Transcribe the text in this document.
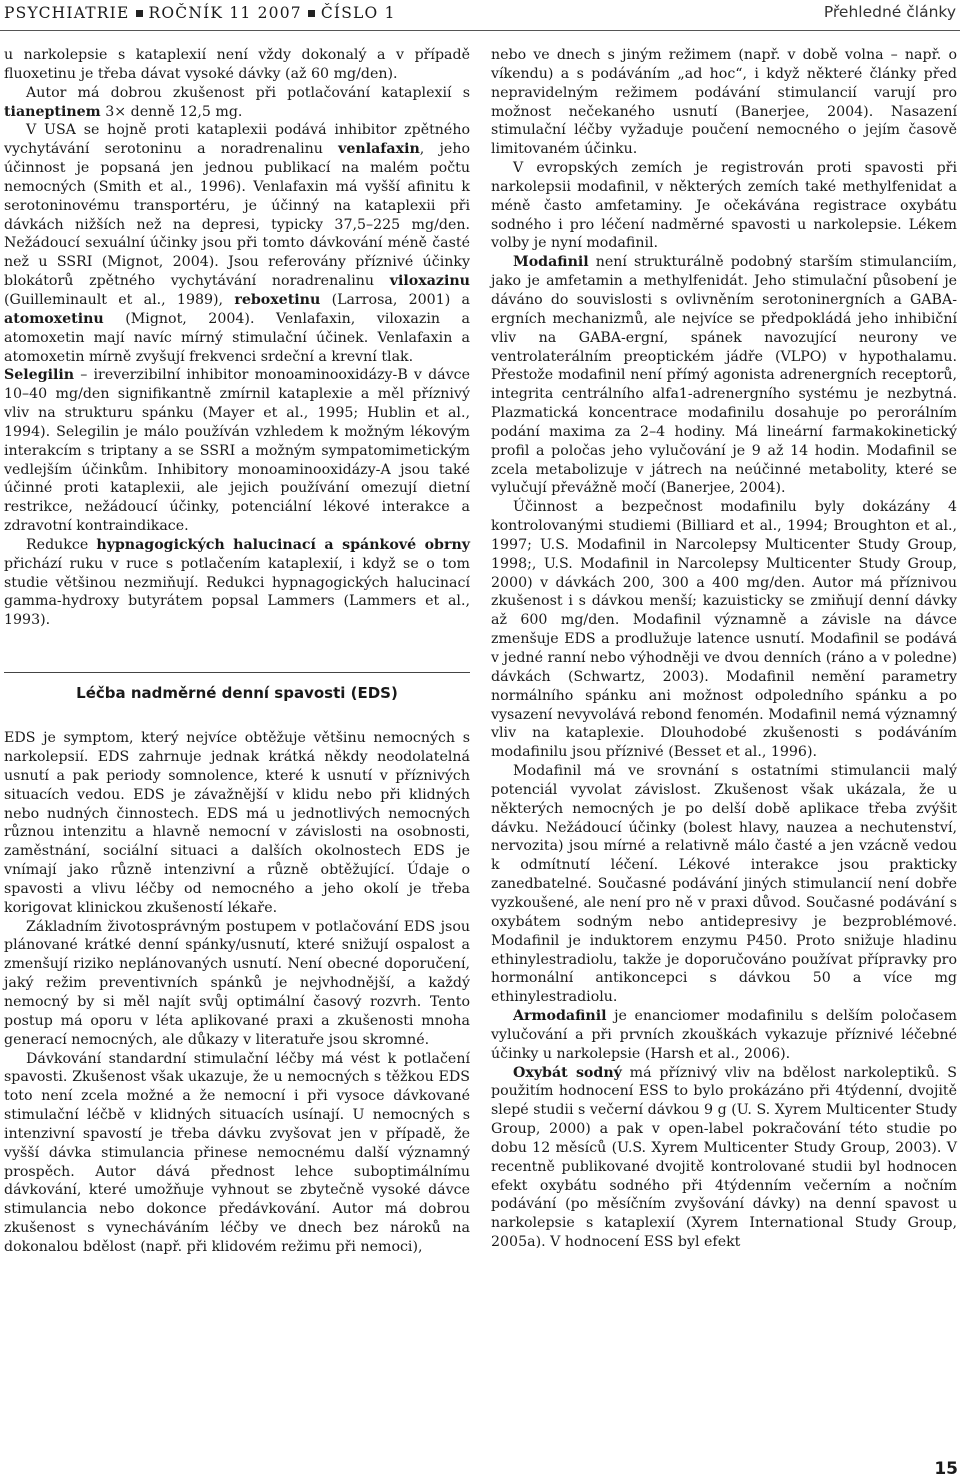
PSYCHIATRIE ROČNÍK 11 2007 ČÍSLO 1	Přehledné články

u narkolepsie s kataplexií není vždy dokonalý a v případě fluoxetinu je třeba dávat vysoké dávky (až 60 mg/den).

Autor má dobrou zkušenost při potlačování kataplexií s tianeptinem 3× denně 12,5 mg.

V USA se hojně proti kataplexii podává inhibitor zpětného vychytávání serotoninu a noradrenalinu venlafaxin, jeho účinnost je popsaná jen jednou publikací na malém počtu nemocných (Smith et al., 1996). Venlafaxin má vyšší afinitu k serotoninovému transportéru, je účinný na kataplexii při dávkách nižších než na depresi, typicky 37,5–225 mg/den. Nežádoucí sexuální účinky jsou při tomto dávkování méně časté než u SSRI (Mignot, 2004). Jsou referovány příznivé účinky blokátorů zpětného vychytávání noradrenalinu viloxazinu (Guilleminault et al., 1989), reboxetinu (Larrosa, 2001) a atomoxetinu (Mignot, 2004). Venlafaxin, viloxazin a atomoxetin mají navíc mírný stimulační účinek. Venlafaxin a atomoxetin mírně zvyšují frekvenci srdeční a krevní tlak.

Selegilin – ireverzibilní inhibitor monoaminooxidázy-B v dávce 10–40 mg/den signifikantně zmírnil kataplexie a měl příznivý vliv na strukturu spánku (Mayer et al., 1995; Hublin et al., 1994). Selegilin je málo používán vzhledem k možným lékovým interakcím s triptany a se SSRI a možným sympatomimetickým vedlejším účinkům. Inhibitory monoaminooxidázy-A jsou také účinné proti kataplexii, ale jejich používání omezují dietní restrikce, nežádoucí účinky, potenciální lékové interakce a zdravotní kontraindikace.

Redukce hypnagogických halucinací a spánkové obrny přichází ruku v ruce s potlačením kataplexií, i když se o tom studie většinou nezmiňují. Redukci hypnagogických halucinací gamma-hydroxy butyrátem popsal Lammers (Lammers et al., 1993).

Léčba nadměrné denní spavosti (EDS)

EDS je symptom, který nejvíce obtěžuje většinu nemocných s narkolepsií. EDS zahrnuje jednak krátká někdy neodolatelná usnutí a pak periody somnolence, které k usnutí v příznivých situacích vedou. EDS je závažnější v klidu nebo při klidných nebo nudných činnostech. EDS má u jednotlivých nemocných různou intenzitu a hlavně nemocní v závislosti na osobnosti, zaměstnání, sociální situaci a dalších okolnostech EDS je vnímají jako různě intenzivní a různě obtěžující. Údaje o spavosti a vlivu léčby od nemocného a jeho okolí je třeba korigovat klinickou zkušeností lékaře.

Základním životosprávným postupem v potlačování EDS jsou plánované krátké denní spánky/usnutí, které snižují ospalost a zmenšují riziko neplánovaných usnutí. Není obecné doporučení, jaký režim preventivních spánků je nejvhodnější, a každý nemocný by si měl najít svůj optimální časový rozvrh. Tento postup má oporu v léta aplikované praxi a zkušenosti mnoha generací nemocných, ale důkazy v literatuře jsou skromné.

Dávkování standardní stimulační léčby má vést k potlačení spavosti. Zkušenost však ukazuje, že u nemocných s těžkou EDS toto není zcela možné a že nemocní i při vysoce dávkované stimulační léčbě v klidných situacích usínají. U nemocných s intenzivní spavostí je třeba dávku zvyšovat jen v případě, že vyšší dávka stimulancia přinese nemocnému další významný prospěch. Autor dává přednost lehce suboptimálnímu dávkování, které umožňuje vyhnout se zbytečně vysoké dávce stimulancia nebo dokonce předávkování. Autor má dobrou zkušenost s vynecháváním léčby ve dnech bez nároků na dokonalou bdělost (např. při klidovém režimu při nemoci),

nebo ve dnech s jiným režimem (např. v době volna – např. o víkendu) a s podáváním „ad hoc“, i když některé články před nepravidelným režimem podávání stimulancií varují pro možnost nečekaného usnutí (Banerjee, 2004). Nasazení stimulační léčby vyžaduje poučení nemocného o jejím časově limitovaném účinku.

V evropských zemích je registrován proti spavosti při narkolepsii modafinil, v některých zemích také methylfenidat a méně často amfetaminy. Je očekávána registrace oxybátu sodného i pro léčení nadměrné spavosti u narkolepsie. Lékem volby je nyní modafinil.

Modafinil není strukturálně podobný starším stimulanciím, jako je amfetamin a methylfenidát. Jeho stimulační působení je dáváno do souvislosti s ovlivněním serotoninergních a GABA-ergních mechanizmů, ale nejvíce se předpokládá jeho inhibiční vliv na GABA-ergní, spánek navozující neurony ve ventrolaterálním preoptickém jádře (VLPO) v hypothalamu. Přestože modafinil není přímý agonista adrenergních receptorů, integrita centrálního alfa1-adrenergního systému je nezbytná. Plazmatická koncentrace modafinilu dosahuje po perorálním podání maxima za 2–4 hodiny. Má lineární farmakokinetický profil a poločas jeho vylučování je 9 až 14 hodin. Modafinil se zcela metabolizuje v játrech na neúčinné metabolity, které se vylučují převážně močí (Banerjee, 2004).

Účinnost a bezpečnost modafinilu byly dokázány 4 kontrolovanými studiemi (Billiard et al., 1994; Broughton et al., 1997; U.S. Modafinil in Narcolepsy Multicenter Study Group, 1998;, U.S. Modafinil in Narcolepsy Multicenter Study Group, 2000) v dávkách 200, 300 a 400 mg/den. Autor má příznivou zkušenost i s dávkou menší; kazuisticky se zmiňují denní dávky až 600 mg/den. Modafinil významně a závisle na dávce zmenšuje EDS a prodlužuje latence usnutí. Modafinil se podává v jedné ranní nebo výhodněji ve dvou denních (ráno a v poledne) dávkách (Schwartz, 2003). Modafinil nemění parametry normálního spánku ani možnost odpoledního spánku a po vysazení nevyvolává rebond fenomén. Modafinil nemá významný vliv na kataplexie. Dlouhodobé zkušenosti s podáváním modafinilu jsou příznivé (Besset et al., 1996).

Modafinil má ve srovnání s ostatními stimulancii malý potenciál vyvolat závislost. Zkušenost však ukázala, že u některých nemocných je po delší době aplikace třeba zvýšit dávku. Nežádoucí účinky (bolest hlavy, nauzea a nechutenství, nervozita) jsou mírné a relativně málo časté a jen vzácně vedou k odmítnutí léčení. Lékové interakce jsou prakticky zanedbatelné. Současné podávání jiných stimulancií není dobře vyzkoušené, ale není pro ně v praxi důvod. Současné podávání s oxybátem sodným nebo antidepresivy je bezproblémové. Modafinil je induktorem enzymu P450. Proto snižuje hladinu ethinylestradiolu, takže je doporučováno používat přípravky pro hormonální antikoncepci s dávkou 50 a více mg ethinylestradiolu.

Armodafinil je enanciomer modafinilu s delším poločasem vylučování a při prvních zkouškách vykazuje příznivé léčebné účinky u narkolepsie (Harsh et al., 2006).

Oxybát sodný má příznivý vliv na bdělost narkoleptiků. S použitím hodnocení ESS to bylo prokázáno při 4týdenní, dvojitě slepé studii s večerní dávkou 9 g (U. S. Xyrem Multicenter Study Group, 2000) a pak v open-label pokračování této studie po dobu 12 měsíců (U.S. Xyrem Multicenter Study Group, 2003). V recentně publikované dvojitě kontrolované studii byl hodnocen efekt oxybátu sodného při 4týdenním večerním a nočním podávání (po měsíčním zvyšování dávky) na denní spavost u narkolepsie s kataplexií (Xyrem International Study Group, 2005a). V hodnocení ESS byl efekt

15
